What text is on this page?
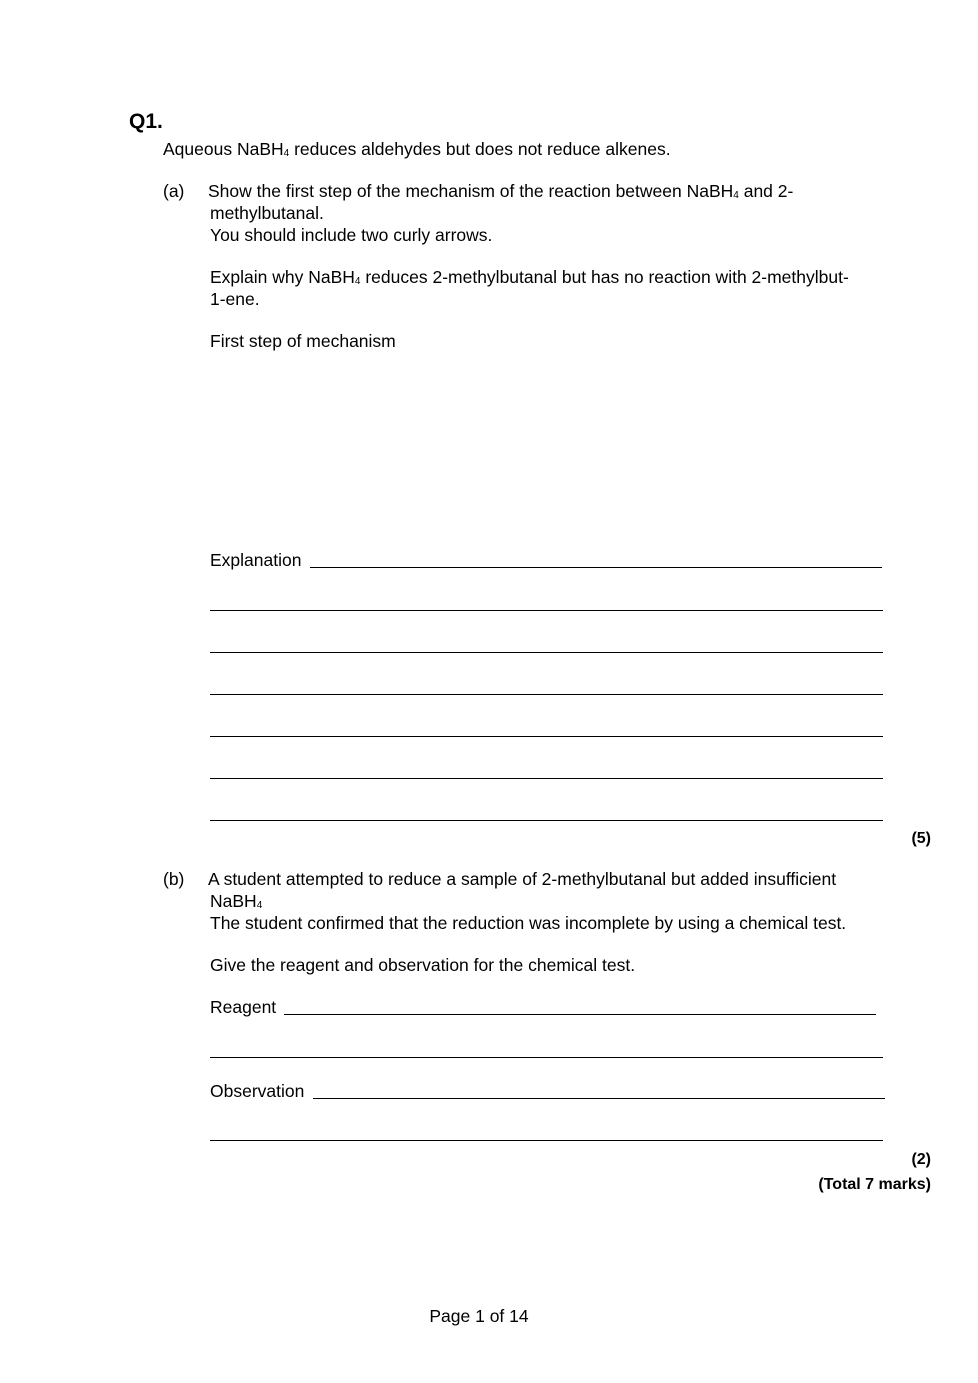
Q1.
Aqueous NaBH$_4$ reduces aldehydes but does not reduce alkenes.
(a) Show the first step of the mechanism of the reaction between NaBH$_4$ and 2-
methylbutanal.
You should include two curly arrows.
Explain why NaBH$_4$ reduces 2-methylbutanal but has no reaction with 2-methylbut-
1-ene.
First step of mechanism
Explanation
(5)
(b) A student attempted to reduce a sample of 2-methylbutanal but added insufficient
NaBH$_4$
The student confirmed that the reduction was incomplete by using a chemical test.
Give the reagent and observation for the chemical test.
Reagent
Observation
(2)
(Total 7 marks)
Page 1 of 14
